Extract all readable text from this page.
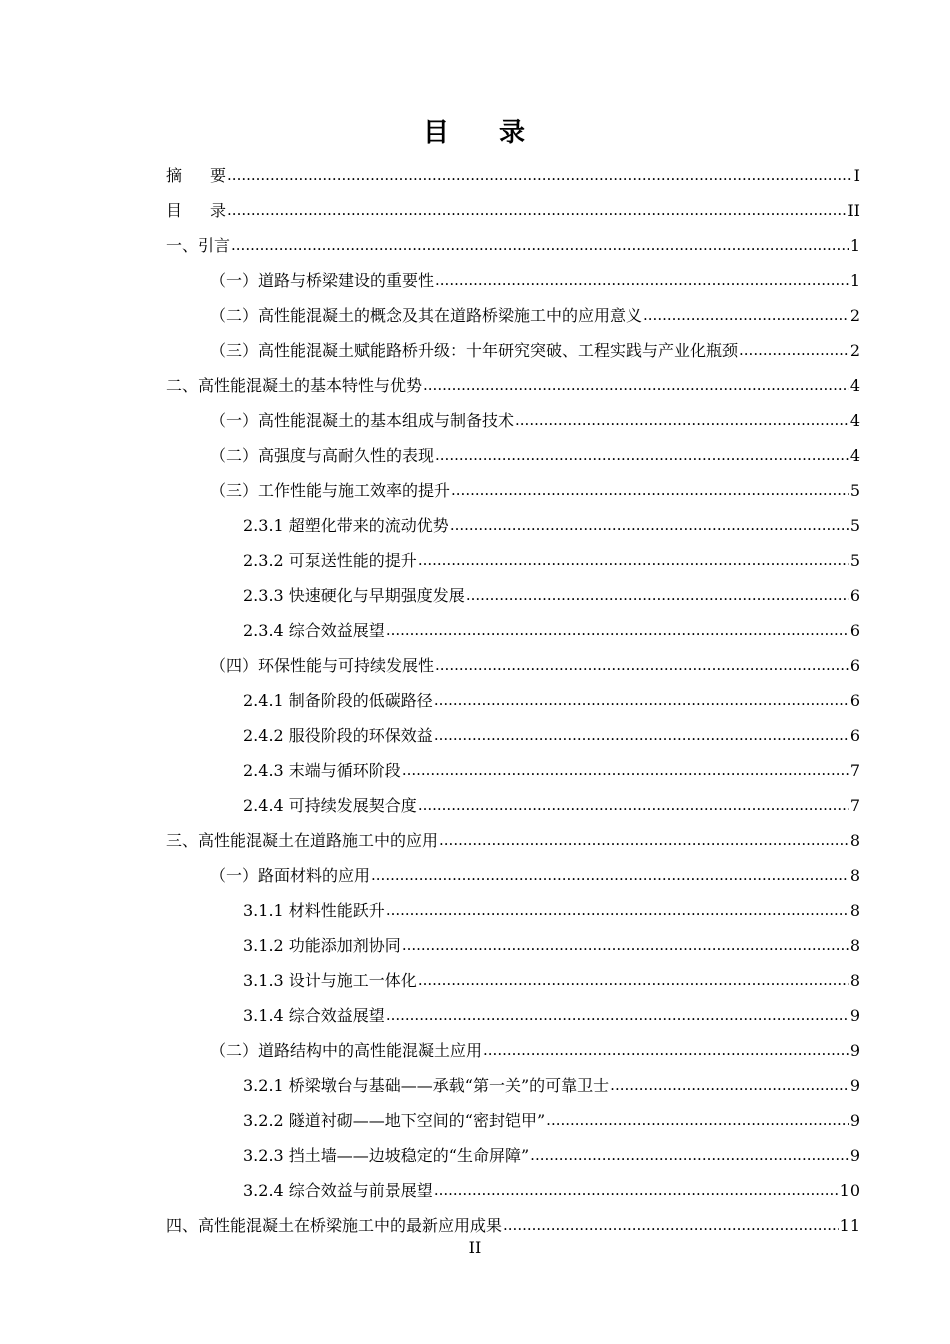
目 录
摘 要 .....	I
目 录 .....	II
一、引言 .....	1
（一）道路与桥梁建设的重要性 .....	1
（二）高性能混凝土的概念及其在道路桥梁施工中的应用意义 .....	2
（三）高性能混凝土赋能路桥升级：十年研究突破、工程实践与产业化瓶颈 .....	2
二、高性能混凝土的基本特性与优势 .....	4
（一）高性能混凝土的基本组成与制备技术 .....	4
（二）高强度与高耐久性的表现 .....	4
（三）工作性能与施工效率的提升 .....	5
2.3.1 超塑化带来的流动优势 .....	5
2.3.2 可泵送性能的提升 .....	5
2.3.3 快速硬化与早期强度发展 .....	6
2.3.4 综合效益展望 .....	6
（四）环保性能与可持续发展性 .....	6
2.4.1 制备阶段的低碳路径 .....	6
2.4.2 服役阶段的环保效益 .....	6
2.4.3 末端与循环阶段 .....	7
2.4.4 可持续发展契合度 .....	7
三、高性能混凝土在道路施工中的应用 .....	8
（一）路面材料的应用 .....	8
3.1.1 材料性能跃升 .....	8
3.1.2 功能添加剂协同 .....	8
3.1.3 设计与施工一体化 .....	8
3.1.4 综合效益展望 .....	9
（二）道路结构中的高性能混凝土应用 .....	9
3.2.1 桥梁墩台与基础——承载“第一关”的可靠卫士 .....	9
3.2.2 隧道衬砌——地下空间的“密封铠甲” .....	9
3.2.3 挡土墙——边坡稳定的“生命屏障” .....	9
3.2.4 综合效益与前景展望 .....	10
四、高性能混凝土在桥梁施工中的最新应用成果 .....	11
II
